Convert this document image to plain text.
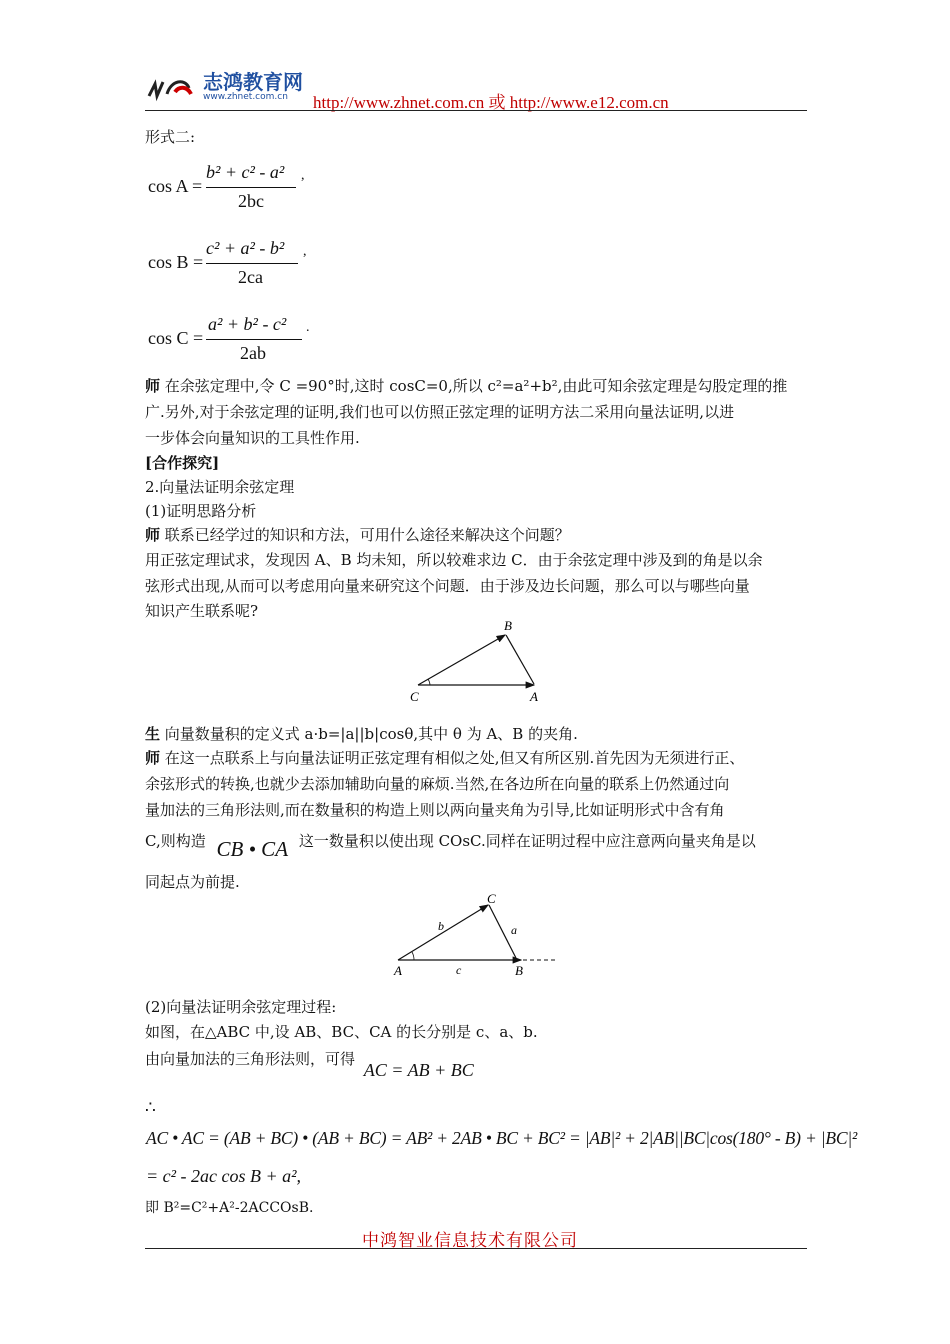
志鸿教育网
www.zhnet.com.cn http://www.zhnet.com.cn 或 http://www.e12.com.cn
形式二:
cos A =
b² + c² - a²
2bc
,
cos B =
c² + a² - b²
2ca
,
cos C =
a² + b² - c²
2ab
.
师 在余弦定理中,令 C =90°时,这时 cosC=0,所以 c²=a²+b²,由此可知余弦定理是勾股定理的推
广.另外,对于余弦定理的证明,我们也可以仿照正弦定理的证明方法二采用向量法证明,以进
一步体会向量知识的工具性作用.
[合作探究]
2.向量法证明余弦定理
(1)证明思路分析
师 联系已经学过的知识和方法，可用什么途径来解决这个问题？
用正弦定理试求，发现因 A、B 均未知，所以较难求边 C．由于余弦定理中涉及到的角是以余
弦形式出现,从而可以考虑用向量来研究这个问题．由于涉及边长问题，那么可以与哪些向量
知识产生联系呢?
B
C	A
生 向量数量积的定义式 a·b=|a||b|cosθ,其中 θ 为 A、B 的夹角.
师 在这一点联系上与向量法证明正弦定理有相似之处,但又有所区别.首先因为无须进行正、
余弦形式的转换,也就少去添加辅助向量的麻烦.当然,在各边所在向量的联系上仍然通过向
量加法的三角形法则,而在数量积的构造上则以两向量夹角为引导,比如证明形式中含有角
C,则构造 CB • CA 这一数量积以使出现 COsC.同样在证明过程中应注意两向量夹角是以
同起点为前提.
C
b	a
A	c	B
(2)向量法证明余弦定理过程:
如图，在△ABC 中,设 AB、BC、CA 的长分别是 c、a、b.
由向量加法的三角形法则，可得 AC = AB + BC
∴
AC • AC = (AB + BC) • (AB + BC) = AB² + 2AB • BC + BC² = |AB|² + 2|AB||BC|cos(180° - B) + |BC|²
= c² - 2ac cos B + a²,
即 B²=C²+A²-2ACCOsB.
中鸿智业信息技术有限公司
